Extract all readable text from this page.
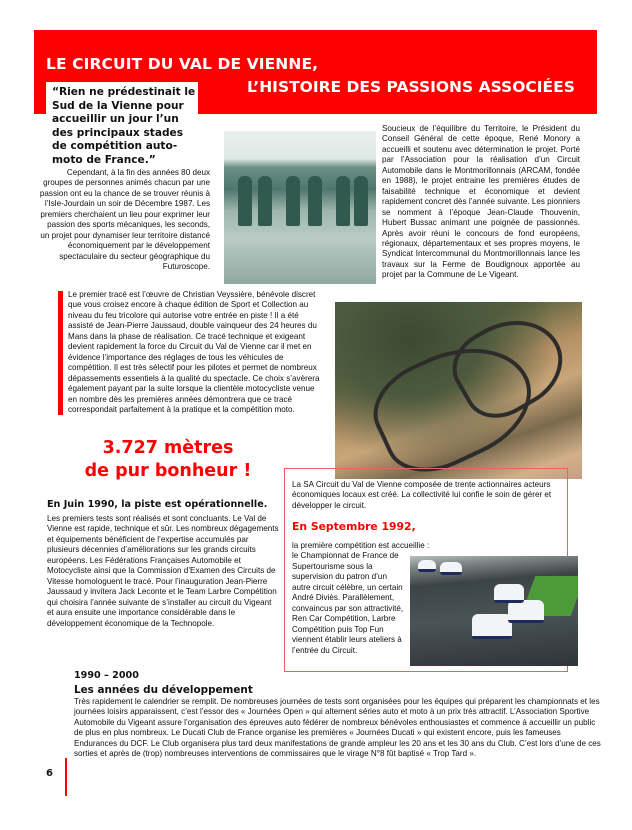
LE CIRCUIT DU VAL DE VIENNE,
L’HISTOIRE DES PASSIONS ASSOCIÉES

“Rien ne prédestinait le Sud de la Vienne pour accueillir un jour l’un des principaux stades de compétition auto-moto de France.”

Cependant, à la fin des années 80 deux groupes de personnes animés chacun par une passion ont eu la chance de se trouver réunis à l’Isle-Jourdain un soir de Décembre 1987. Les premiers cherchaient un lieu pour exprimer leur passion des sports mécaniques, les seconds, un projet pour dynamiser leur territoire distancé économiquement par le développement spectaculaire du secteur géographique du Futuroscope.

Soucieux de l’équilibre du Territoire, le Président du Conseil Général de cette époque, René Monory a accueilli et soutenu avec détermination le projet. Porté par l’Association pour la réalisation d’un Circuit Automobile dans le Montmorillonnais (ARCAM, fondée en 1988), le projet entraine les premières études de faisabilité technique et économique et devient rapidement concret dès l’année suivante. Les pionniers se nomment à l’époque Jean-Claude Thouvenin, Hubert Bussac animant une poignée de passionnés. Après avoir réuni le concours de fond européens, régionaux, départementaux et ses propres moyens, le Syndicat Intercommunal du Montmorillonnais lance les travaux sur la Ferme de Boudignoux apportée au projet par la Commune de Le Vigeant.

Le premier tracé est l’œuvre de Christian Veyssière, bénévole discret que vous croisez encore à chaque édition de Sport et Collection au niveau du feu tricolore qui autorise votre entrée en piste ! Il a été assisté de Jean-Pierre Jaussaud, double vainqueur des 24 heures du Mans dans la phase de réalisation. Ce tracé technique et exigeant devient rapidement la force du Circuit du Val de Vienne car il met en évidence l’importance des réglages de tous les véhicules de compétition. Il est très sélectif pour les pilotes et permet de nombreux dépassements essentiels à la qualité du spectacle. Ce choix s’avèrera également payant par la suite lorsque la clientèle motocycliste venue en nombre dès les premières années démontrera que ce tracé correspondait parfaitement à la pratique et la compétition moto.

3.727 mètres
de pur bonheur !
En Juin 1990, la piste est opérationnelle.

Les premiers tests sont réalisés et sont concluants. Le Val de Vienne est rapide, technique et sûr. Les nombreux dégagements et équipements bénéficient de l’expertise accumulés par plusieurs décennies d’améliorations sur les grands circuits européens. Les Fédérations Françaises Automobile et Motocycliste ainsi que la Commission d’Examen des Circuits de Vitesse homologuent le tracé. Pour l’inauguration Jean-Pierre Jaussaud y invitera Jack Leconte et le Team Larbre Compétition qui choisira l’année suivante de s’installer au circuit du Vigeant et aura ensuite une importance considérable dans le développement économique de la Technopole.

La SA Circuit du Val de Vienne composée de trente actionnaires acteurs économiques locaux est créé. La collectivité lui confie le soin de gérer et développer le circuit.

En Septembre 1992,
la première compétition est accueillie :
le Championnat de France de Supertourisme sous la supervision du patron d’un autre circuit célèbre, un certain André Diviès. Parallèlement, convaincus par son attractivité, Ren Car Compétition, Larbre Compétition puis Top Fun viennent établir leurs ateliers à l’entrée du Circuit.
1990 – 2000
Les années du développement

Très rapidement le calendrier se remplit. De nombreuses journées de tests sont organisées pour les équipes qui préparent les championnats et les journées loisirs apparaissent, c’est l’essor des « Journées Open » qui alternent séries auto et moto à un prix très attractif. L’Association Sportive Automobile du Vigeant assure l’organisation des épreuves auto fédérer de nombreux bénévoles enthousiastes et commence à accueillir un public de plus en plus nombreux. Le Ducati Club de France organise les premières « Journées Ducati » qui existent encore, puis les fameuses Endurances du DCF. Le Club organisera plus tard deux manifestations de grande ampleur les 20 ans et les 30 ans du Club. C’est lors d’une de ces sorties et après de (trop) nombreuses interventions de commissaires que le virage N°8 fût baptisé « Trop Tard ».

6
